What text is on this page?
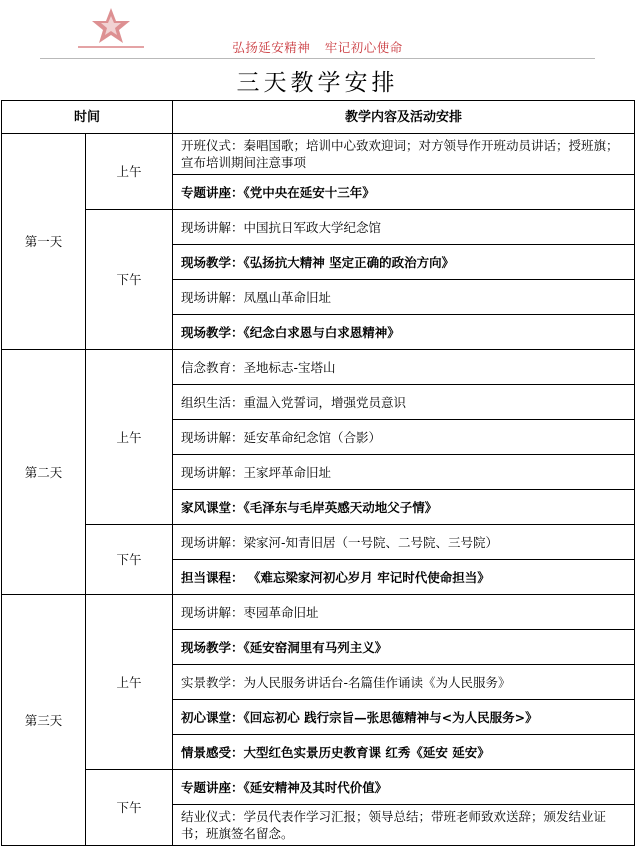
弘扬延安精神 牢记初心使命
三天教学安排
时间		教学内容及活动安排
第一天	上午	开班仪式：秦唱国歌；培训中心致欢迎词；对方领导作开班动员讲话；授班旗；宣布培训期间注意事项
		专题讲座：《党中央在延安十三年》
	下午	现场讲解：中国抗日军政大学纪念馆
		现场教学：《弘扬抗大精神 坚定正确的政治方向》
		现场讲解：凤凰山革命旧址
		现场教学：《纪念白求恩与白求恩精神》
第二天	上午	信念教育：圣地标志-宝塔山
		组织生活：重温入党誓词，增强党员意识
		现场讲解：延安革命纪念馆（合影）
		现场讲解：王家坪革命旧址
		家风课堂：《毛泽东与毛岸英感天动地父子情》
	下午	现场讲解：梁家河-知青旧居（一号院、二号院、三号院）
		担当课程： 《难忘梁家河初心岁月 牢记时代使命担当》
第三天	上午	现场讲解：枣园革命旧址
		现场教学：《延安窑洞里有马列主义》
		实景教学：为人民服务讲话台-名篇佳作诵读《为人民服务》
		初心课堂：《回忘初心 践行宗旨—张思德精神与<为人民服务>》
		情景感受：大型红色实景历史教育课 红秀《延安 延安》
	下午	专题讲座：《延安精神及其时代价值》
		结业仪式：学员代表作学习汇报；领导总结；带班老师致欢送辞；颁发结业证书；班旗签名留念。
